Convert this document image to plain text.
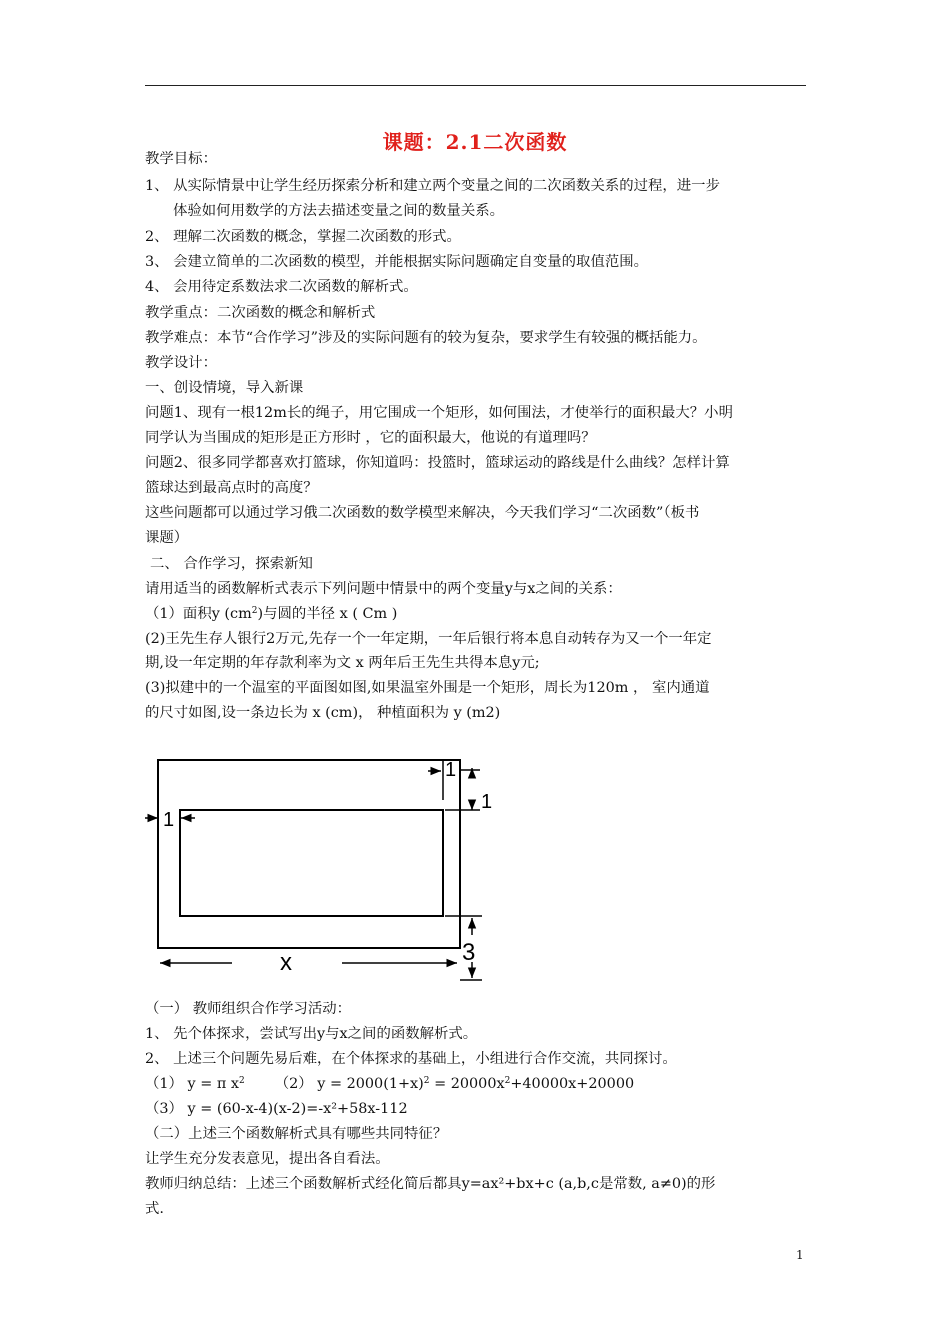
课题：2.1二次函数
教学目标：
1、 从实际情景中让学生经历探索分析和建立两个变量之间的二次函数关系的过程，进一步
体验如何用数学的方法去描述变量之间的数量关系。
2、 理解二次函数的概念，掌握二次函数的形式。
3、 会建立简单的二次函数的模型，并能根据实际问题确定自变量的取值范围。
4、 会用待定系数法求二次函数的解析式。
教学重点：二次函数的概念和解析式
教学难点：本节“合作学习”涉及的实际问题有的较为复杂，要求学生有较强的概括能力。
教学设计：
一、创设情境，导入新课
问题1、现有一根12m长的绳子，用它围成一个矩形，如何围法，才使举行的面积最大？小明
同学认为当围成的矩形是正方形时 ，它的面积最大，他说的有道理吗？
问题2、很多同学都喜欢打篮球，你知道吗：投篮时，篮球运动的路线是什么曲线？怎样计算
篮球达到最高点时的高度？
这些问题都可以通过学习俄二次函数的数学模型来解决，今天我们学习“二次函数”（板书
课题）
二、 合作学习，探索新知
请用适当的函数解析式表示下列问题中情景中的两个变量y与x之间的关系：
（1）面积y $(cm^2)$与圆的半径 x ( Cm )
(2)王先生存人银行2万元,先存一个一年定期，一年后银行将本息自动转存为又一个一年定
期,设一年定期的年存款利率为文 x 两年后王先生共得本息y元;
(3)拟建中的一个温室的平面图如图,如果温室外围是一个矩形，周长为120m ， 室内通道
的尺寸如图,设一条边长为 x (cm)， 种植面积为 y (m2)
1
1
1
3
x
（一） 教师组织合作学习活动：
1、 先个体探求，尝试写出y与x之间的函数解析式。
2、 上述三个问题先易后难，在个体探求的基础上，小组进行合作交流，共同探讨。
（1） y = π $x^2$ （2） $y = 2000(1+x)^2 = 20000x^2+40000x+20000$
（3） y = (60-x-4)(x-2)=-x²+58x-112
（二）上述三个函数解析式具有哪些共同特征？
让学生充分发表意见，提出各自看法。
教师归纳总结：上述三个函数解析式经化简后都具y=ax²+bx+c (a,b,c是常数, a≠0)的形
式.
1
